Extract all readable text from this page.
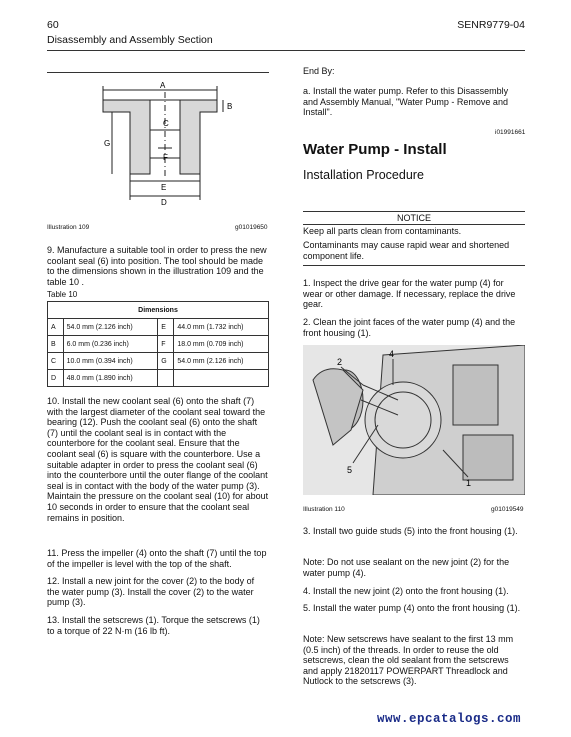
60	SENR9779-04
Disassembly and Assembly Section
A
B
G
C
F
E
D
Illustration 109	g01019650
9. Manufacture a suitable tool in order to press the new coolant seal (6) into position. The tool should be made to the dimensions shown in the illustration 109 and the table 10 .
Table 10
Dimensions			
A	54.0 mm (2.126 inch)	E	44.0 mm (1.732 inch)
B	6.0 mm (0.236 inch)	F	18.0 mm (0.709 inch)
C	10.0 mm (0.394 inch)	G	54.0 mm (2.126 inch)
D	48.0 mm (1.890 inch)		
10. Install the new coolant seal (6) onto the shaft (7) with the largest diameter of the coolant seal toward the bearing (12). Push the coolant seal (6) onto the shaft (7) until the coolant seal is in contact with the counterbore for the coolant seal. Ensure that the coolant seal (6) is square with the counterbore. Use a suitable adapter in order to press the coolant seal (6) into the counterbore until the outer flange of the coolant seal is in contact with the body of the water pump (3). Maintain the pressure on the coolant seal (10) for about 10 seconds in order to ensure that the coolant seal remains in position.
11. Press the impeller (4) onto the shaft (7) until the top of the impeller is level with the top of the shaft.
12. Install a new joint for the cover (2) to the body of the water pump (3). Install the cover (2) to the water pump (3).
13. Install the setscrews (1). Torque the setscrews (1) to a torque of 22 N·m (16 lb ft).
End By:
a. Install the water pump. Refer to this Disassembly and Assembly Manual, "Water Pump - Remove and Install".
i01991661
Water Pump - Install
Installation Procedure
NOTICE
Keep all parts clean from contaminants.
Contaminants may cause rapid wear and shortened component life.
1. Inspect the drive gear for the water pump (4) for wear or other damage. If necessary, replace the drive gear.
2. Clean the joint faces of the water pump (4) and the front housing (1).
2
4
5
1
Illustration 110	g01019549
3. Install two guide studs (5) into the front housing (1).
Note: Do not use sealant on the new joint (2) for the water pump (4).
4. Install the new joint (2) onto the front housing (1).
5. Install the water pump (4) onto the front housing (1).
Note: New setscrews have sealant to the first 13 mm (0.5 inch) of the threads. In order to reuse the old setscrews, clean the old sealant from the setscrews and apply 21820117 POWERPART Threadlock and Nutlock to the setscrews (3).
www.epcatalogs.com
